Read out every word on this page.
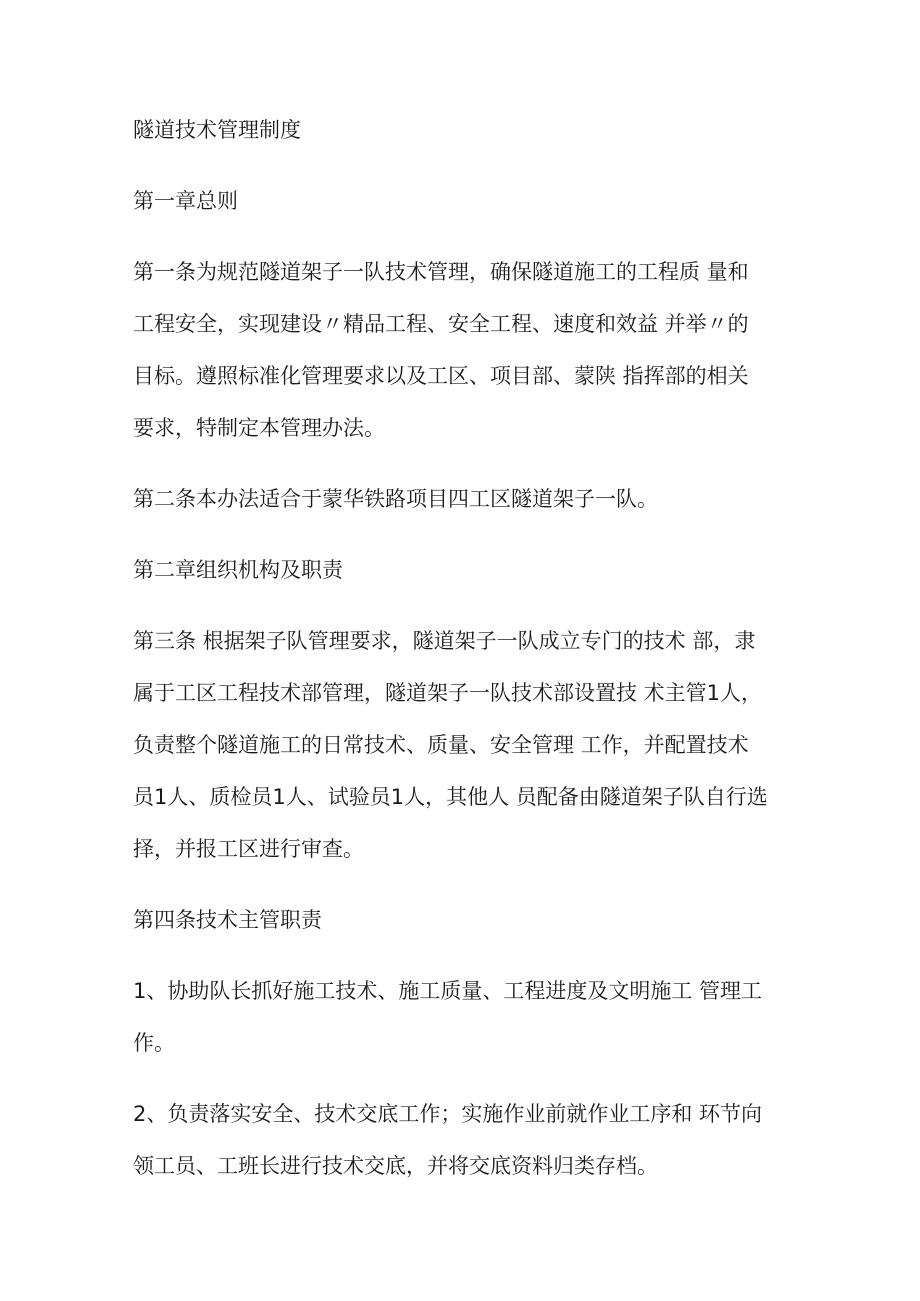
隧道技术管理制度
第一章总则
第一条为规范隧道架子一队技术管理，确保隧道施工的工程质 量和
工程安全，实现建设〃精品工程、安全工程、速度和效益 并举〃的
目标。遵照标准化管理要求以及工区、项目部、蒙陕 指挥部的相关
要求，特制定本管理办法。
第二条本办法适合于蒙华铁路项目四工区隧道架子一队。
第二章组织机构及职责
第三条 根据架子队管理要求，隧道架子一队成立专门的技术 部，隶
属于工区工程技术部管理，隧道架子一队技术部设置技 术主管1人，
负责整个隧道施工的日常技术、质量、安全管理 工作，并配置技术
员1人、质检员1人、试验员1人，其他人 员配备由隧道架子队自行选
择，并报工区进行审查。
第四条技术主管职责
1、协助队长抓好施工技术、施工质量、工程进度及文明施工 管理工
作。
2、负责落实安全、技术交底工作；实施作业前就作业工序和 环节向
领工员、工班长进行技术交底，并将交底资料归类存档。
